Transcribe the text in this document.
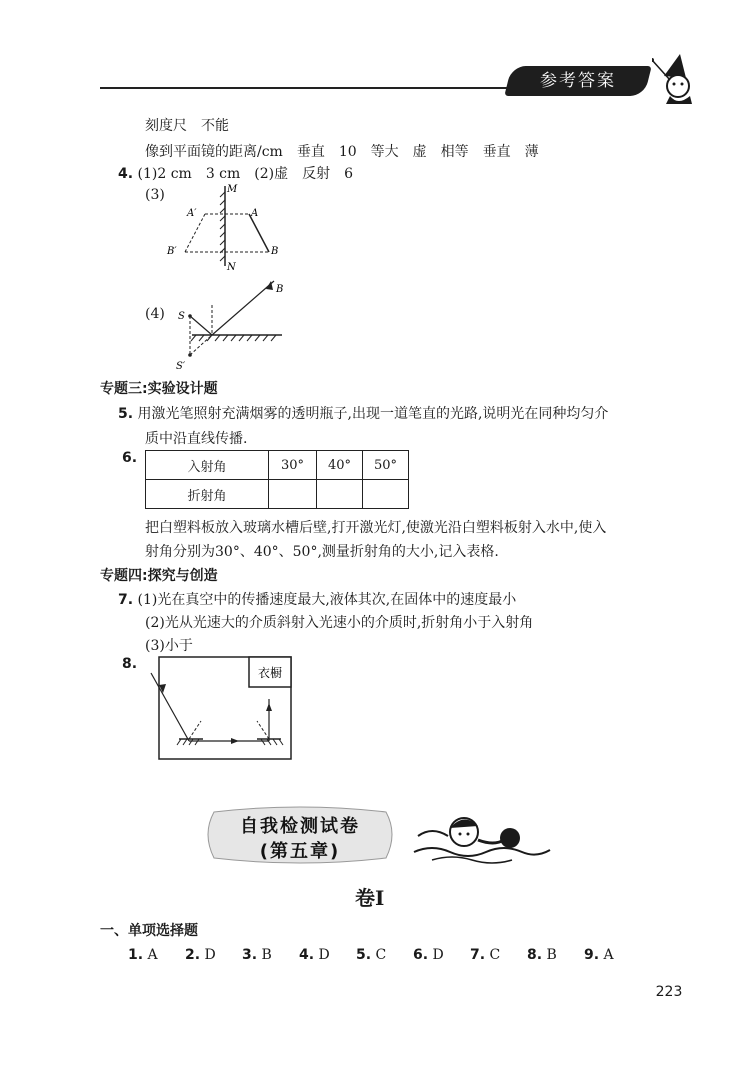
参考答案
刻度尺　不能
像到平面镜的距离/cm　垂直　10　等大　虚　相等　垂直　薄
4. (1)2 cm　3 cm　(2)虚　反射　6
(3)	M
N
A
A′
B
B′
(4) S
S′
B
专题三:实验设计题
5. 用激光笔照射充满烟雾的透明瓶子,出现一道笔直的光路,说明光在同种均匀介
质中沿直线传播.
6.
入射角	30°	40°	50°
折射角			
把白塑料板放入玻璃水槽后壁,打开激光灯,使激光沿白塑料板射入水中,使入
射角分别为30°、40°、50°,测量折射角的大小,记入表格.
专题四:探究与创造
7. (1)光在真空中的传播速度最大,液体其次,在固体中的速度最小
(2)光从光速大的介质斜射入光速小的介质时,折射角小于入射角
(3)小于
8.
衣橱
自我检测试卷
(第五章)
卷Ⅰ
一、单项选择题
1. A 2. D 3. B 4. D 5. C 6. D 7. C 8. B 9. A
223
